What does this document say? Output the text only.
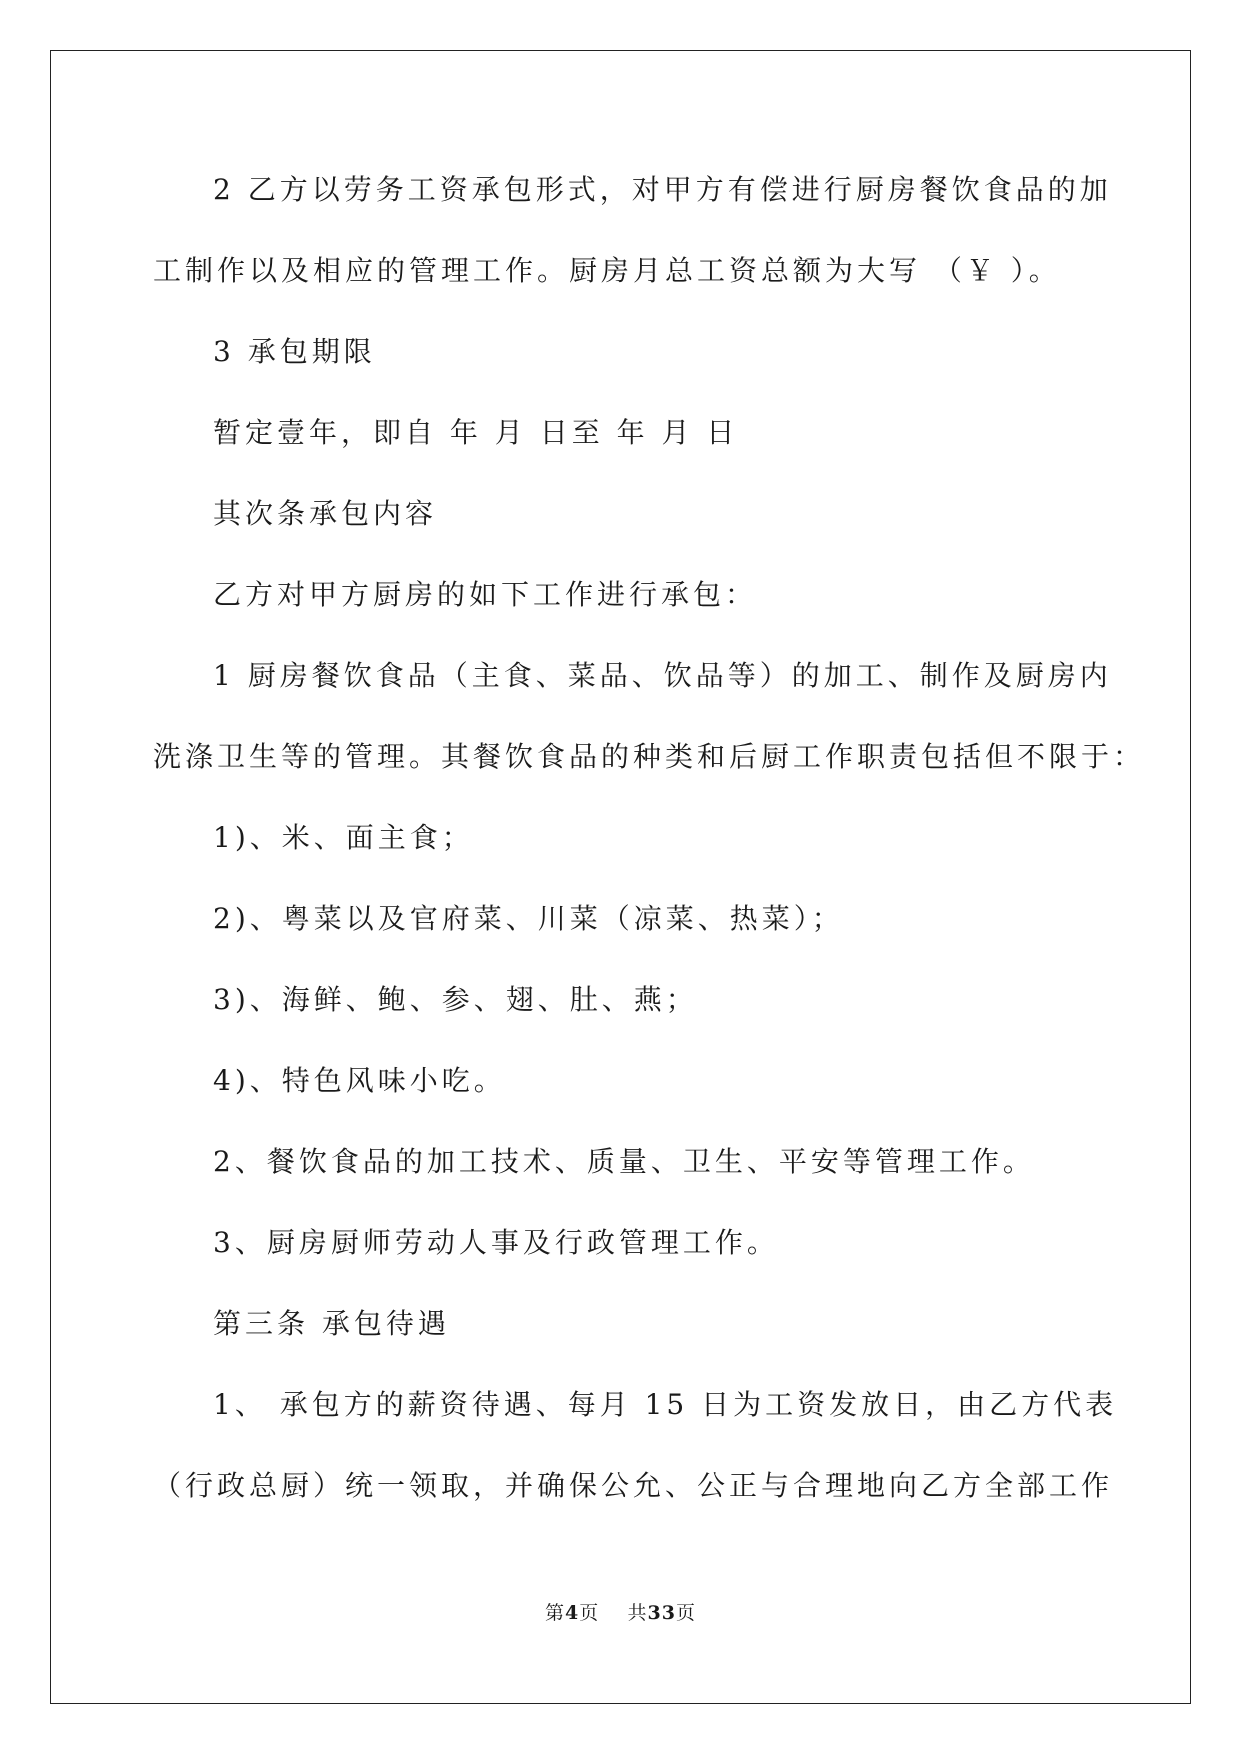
2 乙方以劳务工资承包形式，对甲方有偿进行厨房餐饮食品的加
工制作以及相应的管理工作。厨房月总工资总额为大写 （￥ ）。
3 承包期限
暂定壹年，即自 年 月 日至 年 月 日
其次条承包内容
乙方对甲方厨房的如下工作进行承包：
1 厨房餐饮食品（主食、菜品、饮品等）的加工、制作及厨房内
洗涤卫生等的管理。其餐饮食品的种类和后厨工作职责包括但不限于：
1)、米、面主食；
2)、粤菜以及官府菜、川菜（凉菜、热菜）；
3)、海鲜、鲍、参、翅、肚、燕；
4)、特色风味小吃。
2、餐饮食品的加工技术、质量、卫生、平安等管理工作。
3、厨房厨师劳动人事及行政管理工作。
第三条 承包待遇
1、 承包方的薪资待遇、每月 15 日为工资发放日，由乙方代表
（行政总厨）统一领取，并确保公允、公正与合理地向乙方全部工作
第4页 共33页
